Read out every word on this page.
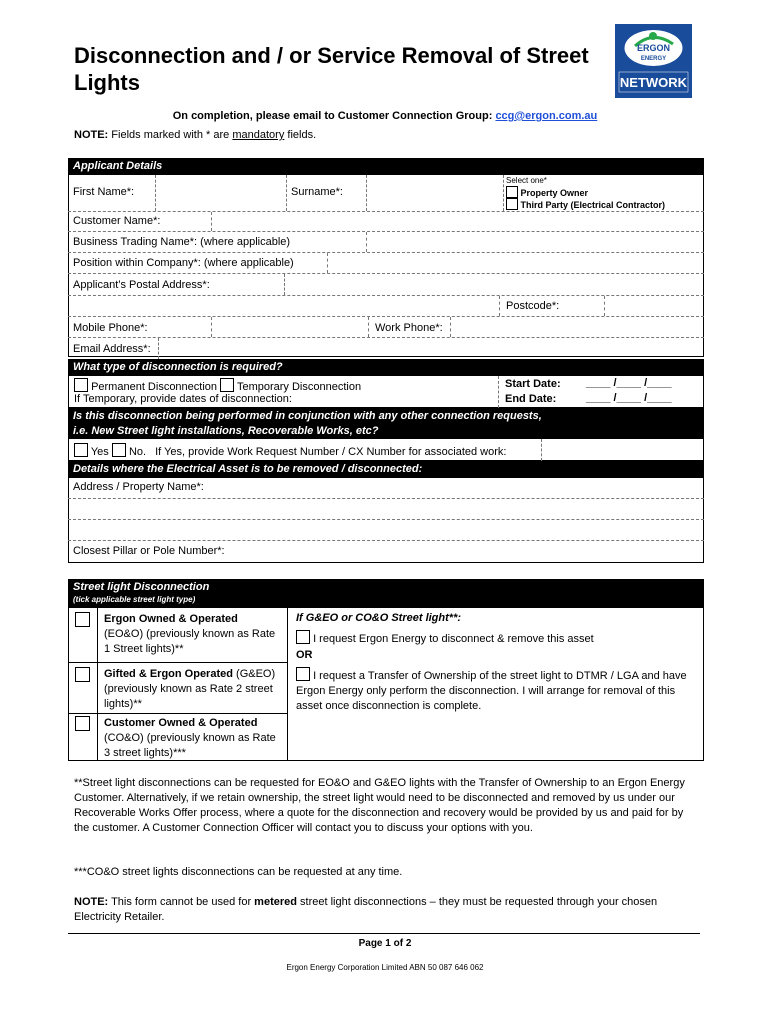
Disconnection and / or Service Removal of Street Lights
ERGON
ENERGY
NETWORK
On completion, please email to Customer Connection Group: ccg@ergon.com.au
NOTE: Fields marked with * are mandatory fields.
Applicant Details
First Name*:	Surname*:
Select one*
Property Owner
Third Party (Electrical Contractor)
Customer Name*:
Business Trading Name*: (where applicable)
Position within Company*: (where applicable)
Applicant’s Postal Address*:
Postcode*:
Mobile Phone*:	Work Phone*:
Email Address*:
What type of disconnection is required?
Permanent Disconnection Temporary Disconnection
If Temporary, provide dates of disconnection:
Start Date:
End Date:
____ /____ /____
____ /____ /____
Is this disconnection being performed in conjunction with any other connection requests,
i.e. New Street light installations, Recoverable Works, etc?
Yes No. If Yes, provide Work Request Number / CX Number for associated work:
Details where the Electrical Asset is to be removed / disconnected:
Address / Property Name*:
Closest Pillar or Pole Number*:
Street light Disconnection
(tick applicable street light type)
Ergon Owned & Operated
(EO&O) (previously known as Rate 1 Street lights)**
Gifted & Ergon Operated (G&EO) (previously known as Rate 2 street lights)**
Customer Owned & Operated
(CO&O) (previously known as Rate 3 street lights)***
If G&EO or CO&O Street light**:
I request Ergon Energy to disconnect & remove this asset
OR
I request a Transfer of Ownership of the street light to DTMR / LGA and have Ergon Energy only perform the disconnection. I will arrange for removal of this asset once disconnection is complete.
**Street light disconnections can be requested for EO&O and G&EO lights with the Transfer of Ownership to an Ergon Energy Customer. Alternatively, if we retain ownership, the street light would need to be disconnected and removed by us under our Recoverable Works Offer process, where a quote for the disconnection and recovery would be provided by us and paid for by the customer. A Customer Connection Officer will contact you to discuss your options with you.
***CO&O street lights disconnections can be requested at any time.
NOTE: This form cannot be used for metered street light disconnections – they must be requested through your chosen Electricity Retailer.
Page 1 of 2
Ergon Energy Corporation Limited ABN 50 087 646 062
